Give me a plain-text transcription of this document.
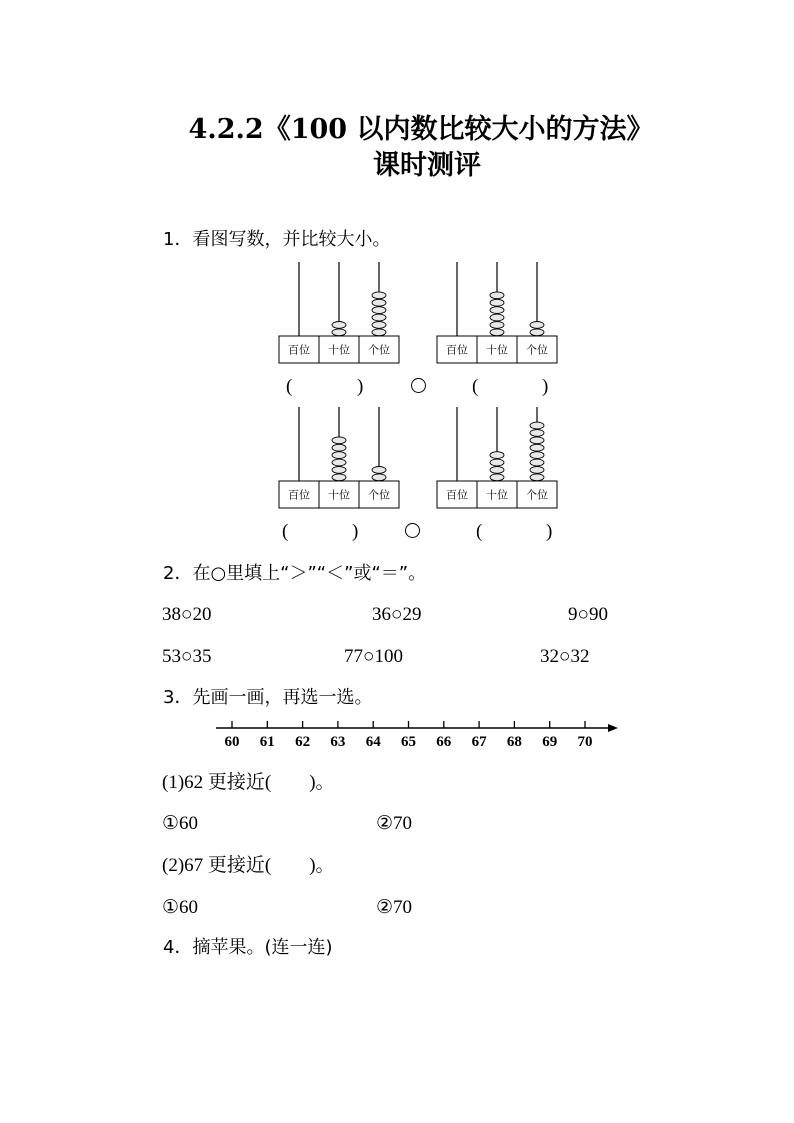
4.2.2《100 以内数比较大小的方法》
课时测评
1．看图写数，并比较大小。
百位 十位 个位	百位 十位 个位
百位 十位 个位	百位 十位 个位
(	)	(	)
(	)	(	)
2．在○里填上“＞”“＜”或“＝”。
38○20	36○29	9○90
53○35	77○100	32○32
3．先画一画，再选一选。
60 61 62 63 64 65 66 67 68 69 70
(1)62 更接近(　　)。
①60	②70
(2)67 更接近(　　)。
①60	②70
4．摘苹果。(连一连)
